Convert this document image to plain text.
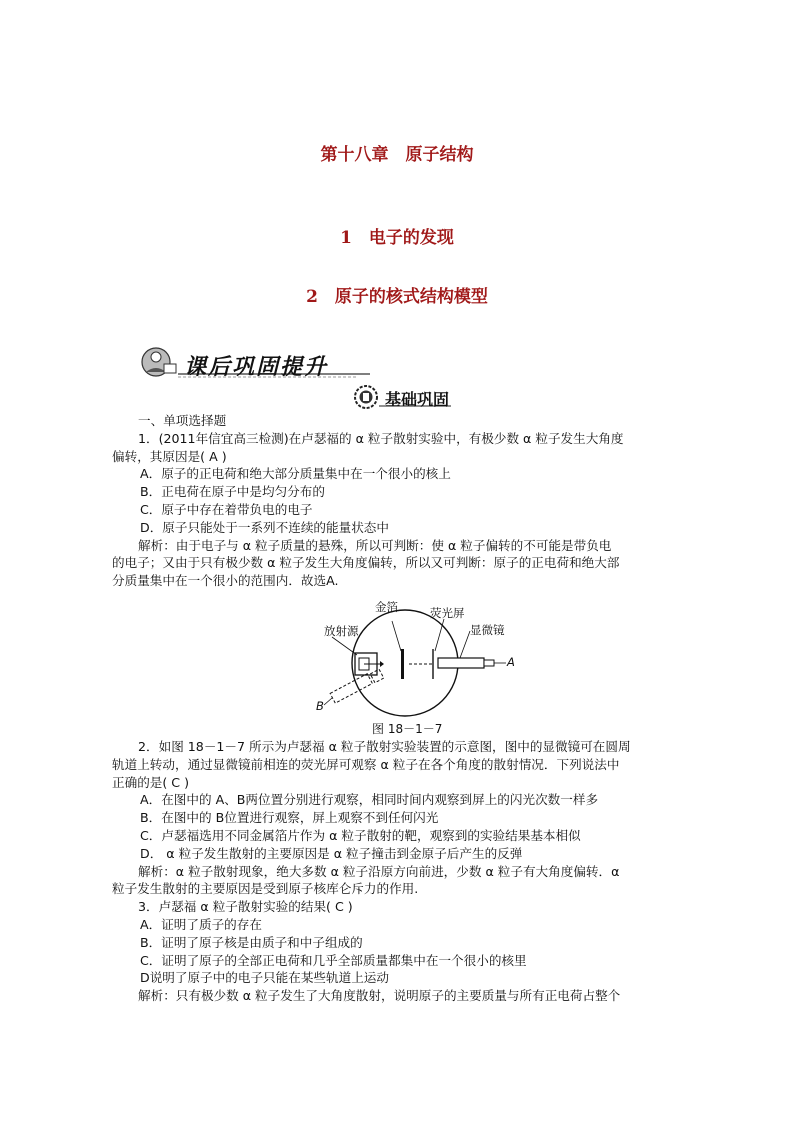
第十八章　原子结构
1　电子的发现
2　原子的核式结构模型
课后巩固提升
基础巩固

一、单项选择题

1．(2011年信宜高三检测)在卢瑟福的 α 粒子散射实验中，有极少数 α 粒子发生大角度

偏转，其原因是( A )

A．原子的正电荷和绝大部分质量集中在一个很小的核上

B．正电荷在原子中是均匀分布的

C．原子中存在着带负电的电子

D．原子只能处于一系列不连续的能量状态中

解析：由于电子与 α 粒子质量的悬殊，所以可判断：使 α 粒子偏转的不可能是带负电

的电子；又由于只有极少数 α 粒子发生大角度偏转，所以又可判断：原子的正电荷和绝大部

分质量集中在一个很小的范围内．故选A.

金箔	荧光屏
显微镜
放射源
A
B
图 18－1－7

2．如图 18－1－7 所示为卢瑟福 α 粒子散射实验装置的示意图，图中的显微镜可在圆周

轨道上转动，通过显微镜前相连的荧光屏可观察 α 粒子在各个角度的散射情况．下列说法中

正确的是( C )

A．在图中的 A、B两位置分别进行观察，相同时间内观察到屏上的闪光次数一样多

B．在图中的 B位置进行观察，屏上观察不到任何闪光

C．卢瑟福选用不同金属箔片作为 α 粒子散射的靶，观察到的实验结果基本相似

D． α 粒子发生散射的主要原因是 α 粒子撞击到金原子后产生的反弹

解析：α 粒子散射现象，绝大多数 α 粒子沿原方向前进，少数 α 粒子有大角度偏转．α

粒子发生散射的主要原因是受到原子核库仑斥力的作用.

3．卢瑟福 α 粒子散射实验的结果( C )

A．证明了质子的存在

B．证明了原子核是由质子和中子组成的

C．证明了原子的全部正电荷和几乎全部质量都集中在一个很小的核里

D说明了原子中的电子只能在某些轨道上运动

解析：只有极少数 α 粒子发生了大角度散射，说明原子的主要质量与所有正电荷占整个
